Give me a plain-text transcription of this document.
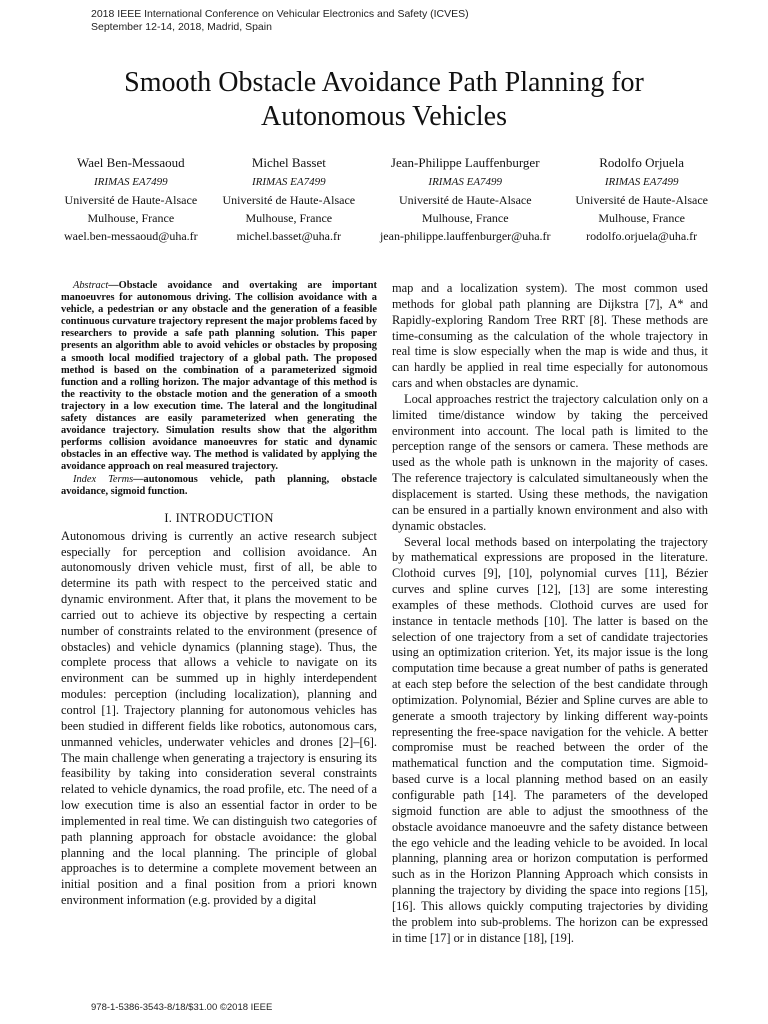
2018 IEEE International Conference on Vehicular Electronics and Safety (ICVES)
September 12-14, 2018, Madrid, Spain
Smooth Obstacle Avoidance Path Planning for
Autonomous Vehicles
Wael Ben-Messaoud
IRIMAS EA7499
Université de Haute-Alsace
Mulhouse, France
wael.ben-messaoud@uha.fr
Michel Basset
IRIMAS EA7499
Université de Haute-Alsace
Mulhouse, France
michel.basset@uha.fr
Jean-Philippe Lauffenburger
IRIMAS EA7499
Université de Haute-Alsace
Mulhouse, France
jean-philippe.lauffenburger@uha.fr
Rodolfo Orjuela
IRIMAS EA7499
Université de Haute-Alsace
Mulhouse, France
rodolfo.orjuela@uha.fr

Abstract—Obstacle avoidance and overtaking are important manoeuvres for autonomous driving. The collision avoidance with a vehicle, a pedestrian or any obstacle and the generation of a feasible continuous curvature trajectory represent the major problems faced by researchers to provide a safe path planning solution. This paper presents an algorithm able to avoid vehicles or obstacles by proposing a smooth local modified trajectory of a global path. The proposed method is based on the combination of a parameterized sigmoid function and a rolling horizon. The major advantage of this method is the reactivity to the obstacle motion and the generation of a smooth trajectory in a low execution time. The lateral and the longitudinal safety distances are easily parameterized when generating the avoidance trajectory. Simulation results show that the algorithm performs collision avoidance manoeuvres for static and dynamic obstacles in an effective way. The method is validated by applying the avoidance approach on real measured trajectory.

Index Terms—autonomous vehicle, path planning, obstacle avoidance, sigmoid function.

I. INTRODUCTION

Autonomous driving is currently an active research subject especially for perception and collision avoidance. An autonomously driven vehicle must, first of all, be able to determine its path with respect to the perceived static and dynamic environment. After that, it plans the movement to be carried out to achieve its objective by respecting a certain number of constraints related to the environment (presence of obstacles) and vehicle dynamics (planning stage). Thus, the complete process that allows a vehicle to navigate on its environment can be summed up in highly interdependent modules: perception (including localization), planning and control [1]. Trajectory planning for autonomous vehicles has been studied in different fields like robotics, autonomous cars, unmanned vehicles, underwater vehicles and drones [2]–[6]. The main challenge when generating a trajectory is ensuring its feasibility by taking into consideration several constraints related to vehicle dynamics, the road profile, etc. The need of a low execution time is also an essential factor in order to be implemented in real time. We can distinguish two categories of path planning approach for obstacle avoidance: the global planning and the local planning. The principle of global approaches is to determine a complete movement between an initial position and a final position from a priori known environment information (e.g. provided by a digital

map and a localization system). The most common used methods for global path planning are Dijkstra [7], A* and Rapidly-exploring Random Tree RRT [8]. These methods are time-consuming as the calculation of the whole trajectory in real time is slow especially when the map is wide and thus, it can hardly be applied in real time especially for autonomous cars and when obstacles are dynamic.

Local approaches restrict the trajectory calculation only on a limited time/distance window by taking the perceived environment into account. The local path is limited to the perception range of the sensors or camera. These methods are used as the whole path is unknown in the majority of cases. The reference trajectory is calculated simultaneously when the displacement is started. Using these methods, the navigation can be ensured in a partially known environment and also with dynamic obstacles.

Several local methods based on interpolating the trajectory by mathematical expressions are proposed in the literature. Clothoid curves [9], [10], polynomial curves [11], Bézier curves and spline curves [12], [13] are some interesting examples of these methods. Clothoid curves are used for instance in tentacle methods [10]. The latter is based on the selection of one trajectory from a set of candidate trajectories using an optimization criterion. Yet, its major issue is the long computation time because a great number of paths is generated at each step before the selection of the best candidate through optimization. Polynomial, Bézier and Spline curves are able to generate a smooth trajectory by linking different way-points representing the free-space navigation for the vehicle. A better compromise must be reached between the order of the mathematical function and the computation time. Sigmoid-based curve is a local planning method based on an easily configurable path [14]. The parameters of the developed sigmoid function are able to adjust the smoothness of the obstacle avoidance manoeuvre and the safety distance between the ego vehicle and the leading vehicle to be avoided. In local planning, planning area or horizon computation is performed such as in the Horizon Planning Approach which consists in planning the trajectory by dividing the space into regions [15], [16]. This allows quickly computing trajectories by dividing the problem into sub-problems. The horizon can be expressed in time [17] or in distance [18], [19].

978-1-5386-3543-8/18/$31.00 ©2018 IEEE
